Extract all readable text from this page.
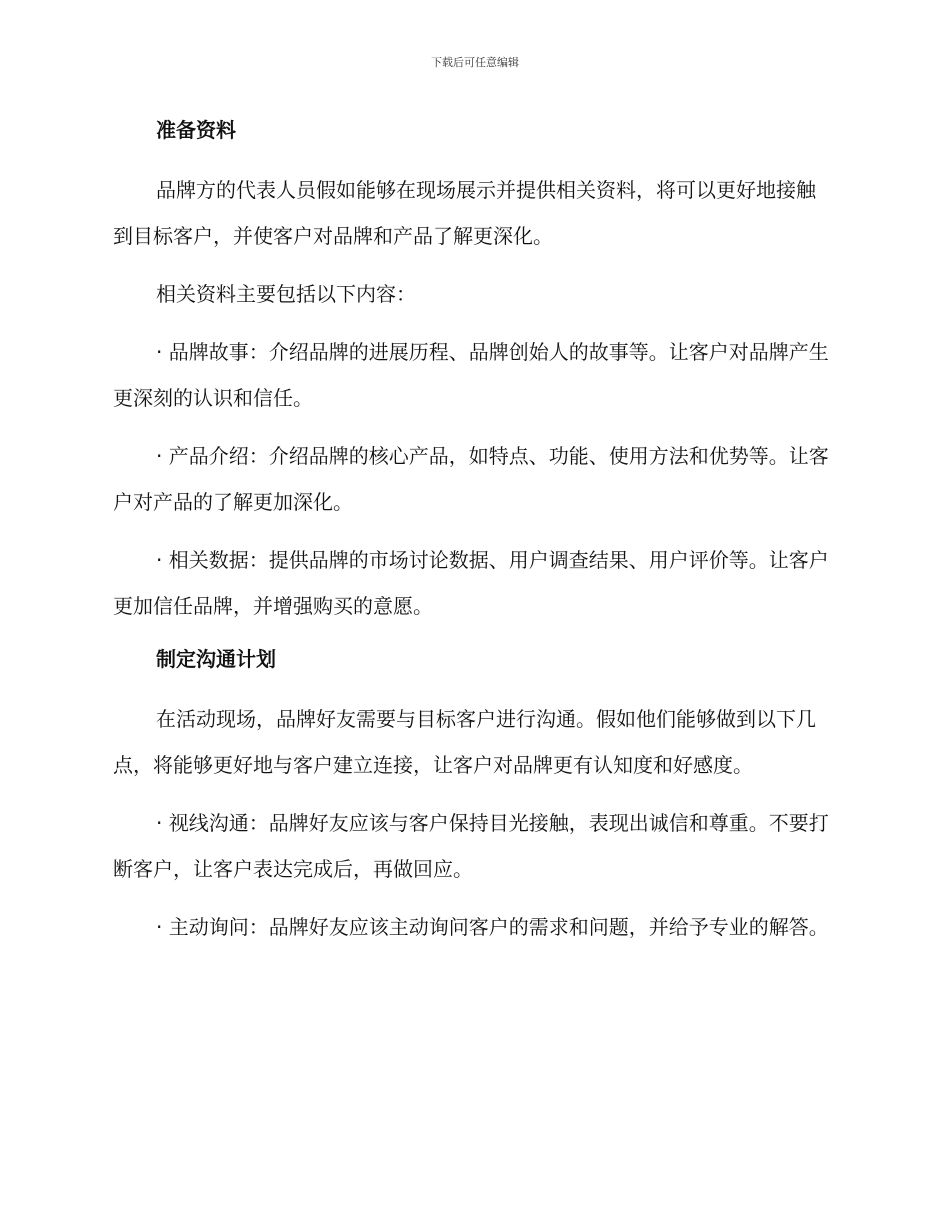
下载后可任意编辑
准备资料

品牌方的代表人员假如能够在现场展示并提供相关资料，将可以更好地接触到目标客户，并使客户对品牌和产品了解更深化。

相关资料主要包括以下内容：

· 品牌故事：介绍品牌的进展历程、品牌创始人的故事等。让客户对品牌产生更深刻的认识和信任。

· 产品介绍：介绍品牌的核心产品，如特点、功能、使用方法和优势等。让客户对产品的了解更加深化。

· 相关数据：提供品牌的市场讨论数据、用户调查结果、用户评价等。让客户更加信任品牌，并增强购买的意愿。

制定沟通计划

在活动现场，品牌好友需要与目标客户进行沟通。假如他们能够做到以下几点，将能够更好地与客户建立连接，让客户对品牌更有认知度和好感度。

· 视线沟通：品牌好友应该与客户保持目光接触，表现出诚信和尊重。不要打断客户，让客户表达完成后，再做回应。

· 主动询问：品牌好友应该主动询问客户的需求和问题，并给予专业的解答。
